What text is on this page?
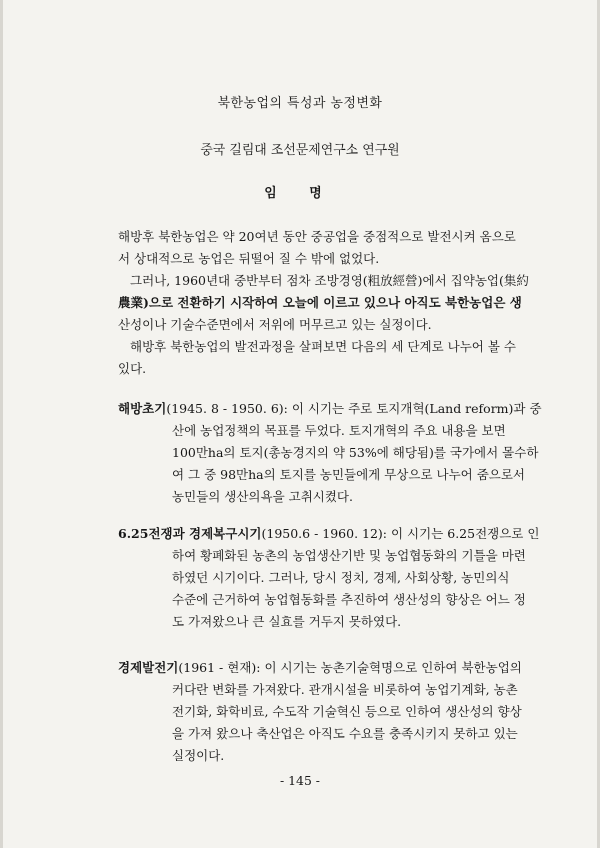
북한농업의 특성과 농정변화
중국 길림대 조선문제연구소 연구원
임 명
해방후 북한농업은 약 20여년 동안 중공업을 중점적으로 발전시켜 옴으로
서 상대적으로 농업은 뒤떨어 질 수 밖에 없었다.
그러나, 1960년대 중반부터 점차 조방경영(粗放經營)에서 집약농업(集約
農業)으로 전환하기 시작하여 오늘에 이르고 있으나 아직도 북한농업은 생
산성이나 기술수준면에서 저위에 머무르고 있는 실정이다.
해방후 북한농업의 발전과정을 살펴보면 다음의 세 단계로 나누어 볼 수
있다.
해방초기(1945. 8 - 1950. 6): 이 시기는 주로 토지개혁(Land reform)과 중
산에 농업정책의 목표를 두었다. 토지개혁의 주요 내용을 보면
100만ha의 토지(총농경지의 약 53%에 해당됨)를 국가에서 몰수하
여 그 중 98만ha의 토지를 농민들에게 무상으로 나누어 줌으로서
농민들의 생산의욕을 고취시켰다.
6.25전쟁과 경제복구시기(1950.6 - 1960. 12): 이 시기는 6.25전쟁으로 인
하여 황폐화된 농촌의 농업생산기반 및 농업협동화의 기틀을 마련
하였던 시기이다. 그러나, 당시 정치, 경제, 사회상황, 농민의식
수준에 근거하여 농업협동화를 추진하여 생산성의 향상은 어느 정
도 가져왔으나 큰 실효를 거두지 못하였다.
경제발전기(1961 - 현재): 이 시기는 농촌기술혁명으로 인하여 북한농업의
커다란 변화를 가져왔다. 관개시설을 비롯하여 농업기계화, 농촌
전기화, 화학비료, 수도작 기술혁신 등으로 인하여 생산성의 향상
을 가져 왔으나 축산업은 아직도 수요를 충족시키지 못하고 있는
실정이다.
- 145 -
